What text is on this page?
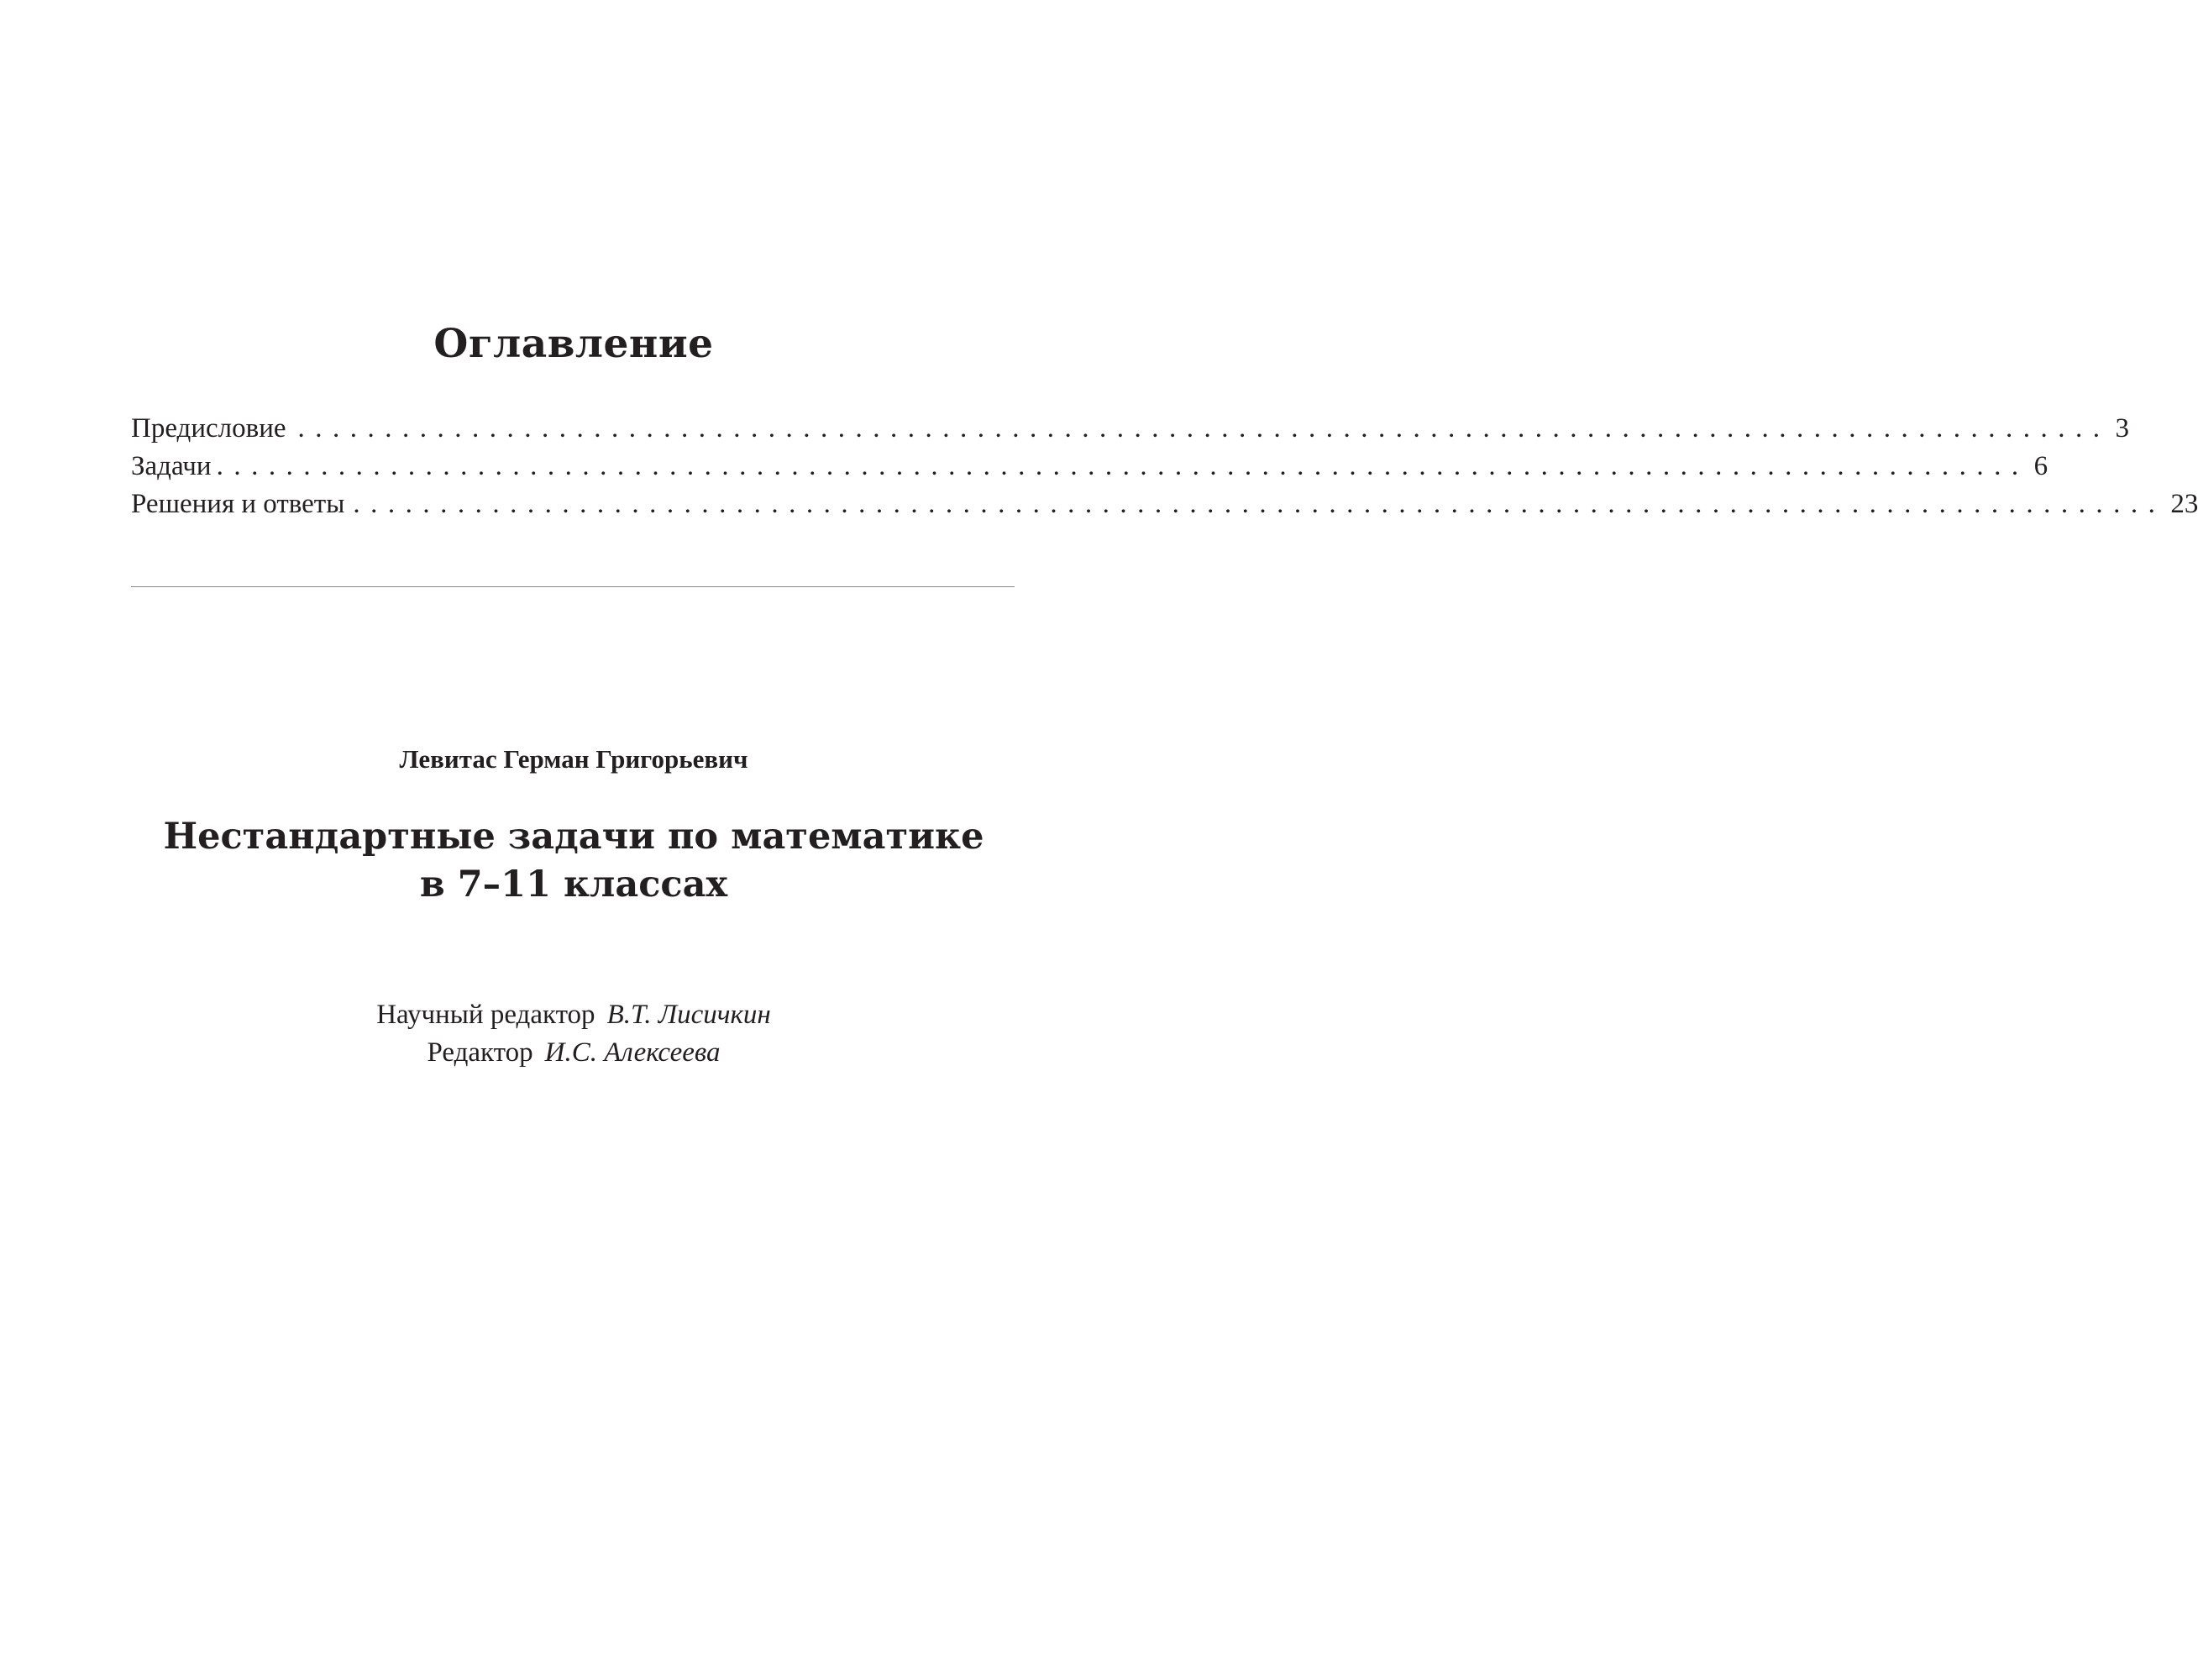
Оглавление
Предисловие ........................................................................................................ 3
Задачи ........................................................................................................ 6
Решения и ответы ........................................................................................................ 23
Левитас Герман Григорьевич
Нестандартные задачи по математике
в 7–11 классах
Научный редактор В.Т. Лисичкин
Редактор И.С. Алексеева
